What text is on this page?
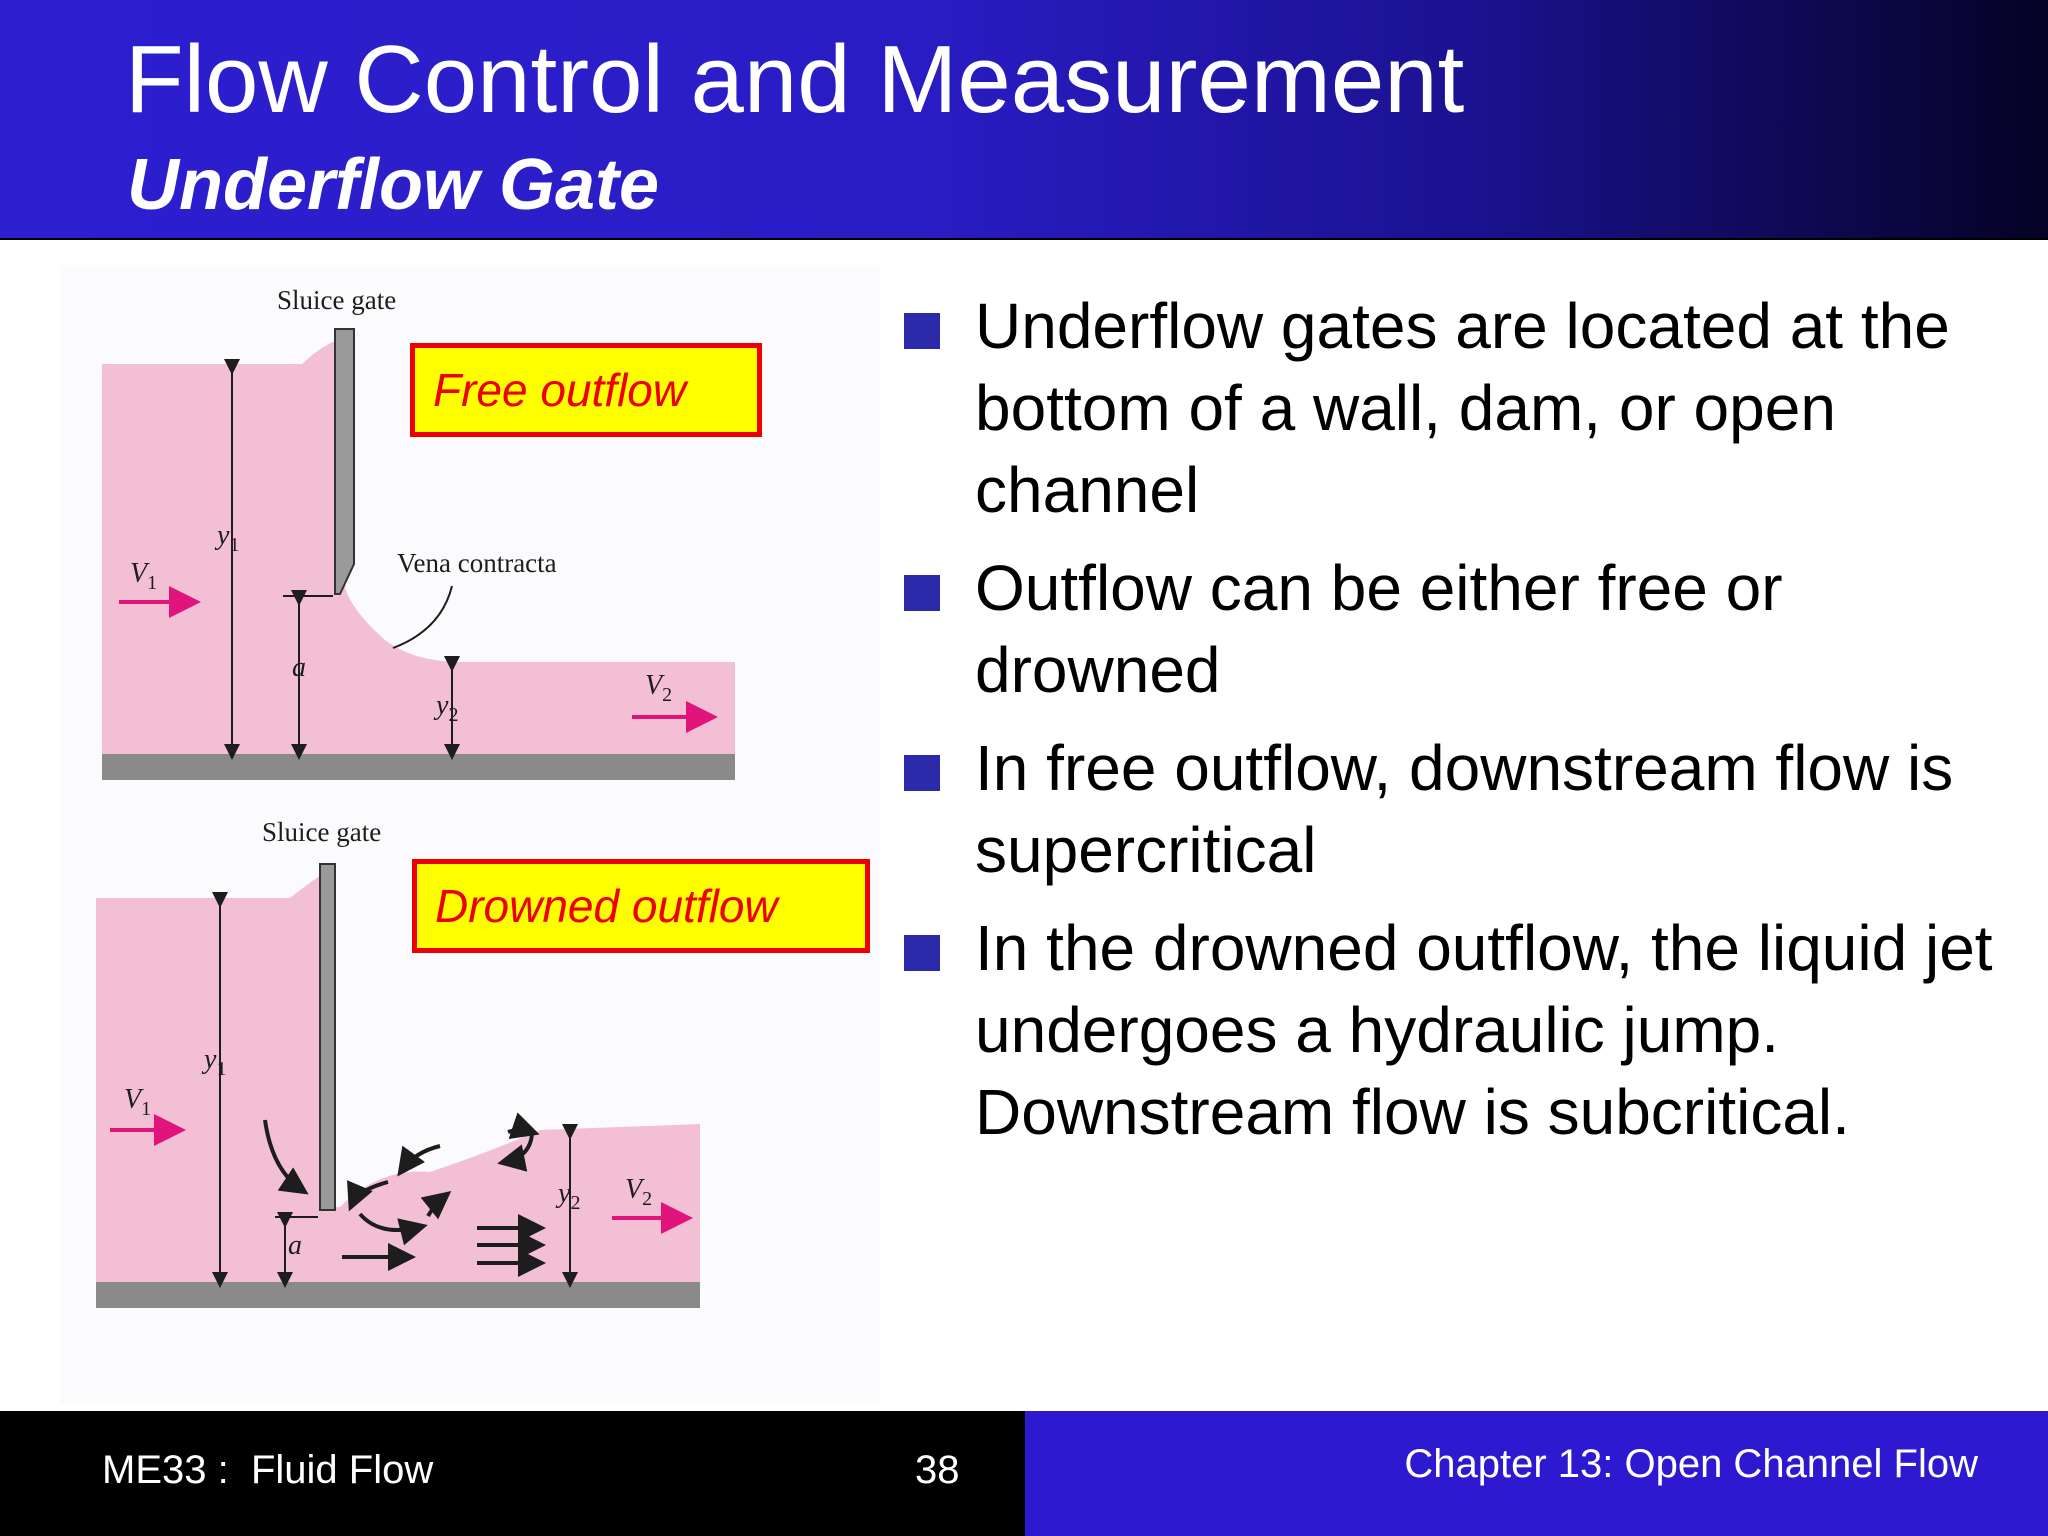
Flow Control and Measurement
Underflow Gate
Sluice gate
Vena contracta
$y_1$
$V_1$
a
$y_2$
$V_2$
Free outflow
Sluice gate
$y_1$
$V_1$
a
$y_2$ $V_2$
Drowned outflow
Underflow gates are located at the bottom of a wall, dam, or open channel
Outflow can be either free or drowned
In free outflow, downstream flow is supercritical
In the drowned outflow, the liquid jet undergoes a hydraulic jump.  Downstream flow is subcritical.
ME33 :  Fluid Flow	38	Chapter 13: Open Channel Flow
